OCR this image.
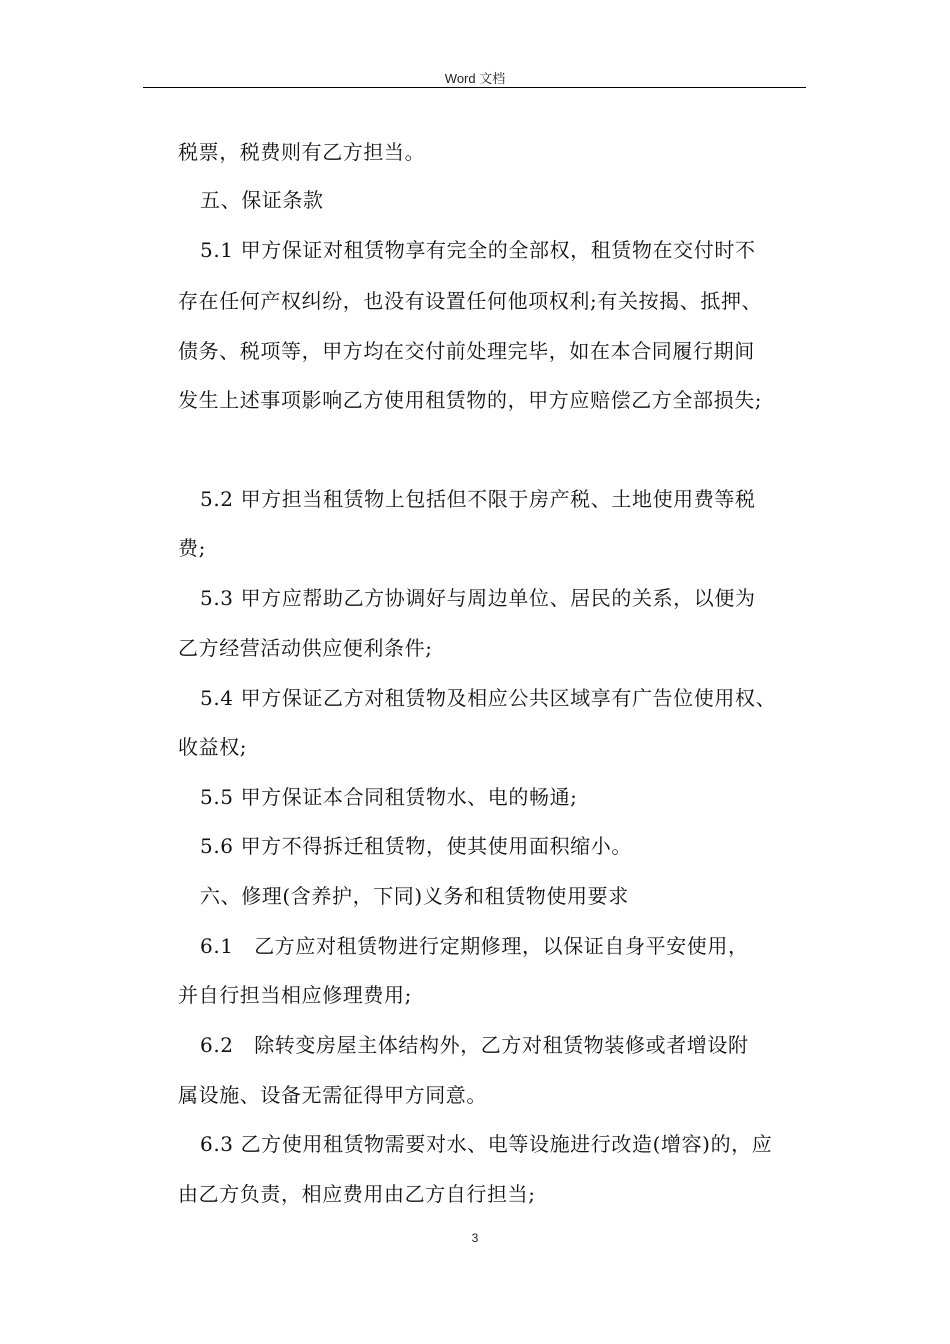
Word 文档
税票，税费则有乙方担当。
五、保证条款
5.1 甲方保证对租赁物享有完全的全部权，租赁物在交付时不
存在任何产权纠纷，也没有设置任何他项权利;有关按揭、抵押、
债务、税项等，甲方均在交付前处理完毕，如在本合同履行期间
发生上述事项影响乙方使用租赁物的，甲方应赔偿乙方全部损失;
5.2 甲方担当租赁物上包括但不限于房产税、土地使用费等税
费;
5.3 甲方应帮助乙方协调好与周边单位、居民的关系，以便为
乙方经营活动供应便利条件;
5.4 甲方保证乙方对租赁物及相应公共区域享有广告位使用权、
收益权;
5.5 甲方保证本合同租赁物水、电的畅通;
5.6 甲方不得拆迁租赁物，使其使用面积缩小。
六、修理(含养护，下同)义务和租赁物使用要求
6.1　乙方应对租赁物进行定期修理，以保证自身平安使用，
并自行担当相应修理费用;
6.2　除转变房屋主体结构外，乙方对租赁物装修或者增设附
属设施、设备无需征得甲方同意。
6.3 乙方使用租赁物需要对水、电等设施进行改造(增容)的，应
由乙方负责，相应费用由乙方自行担当;
3
